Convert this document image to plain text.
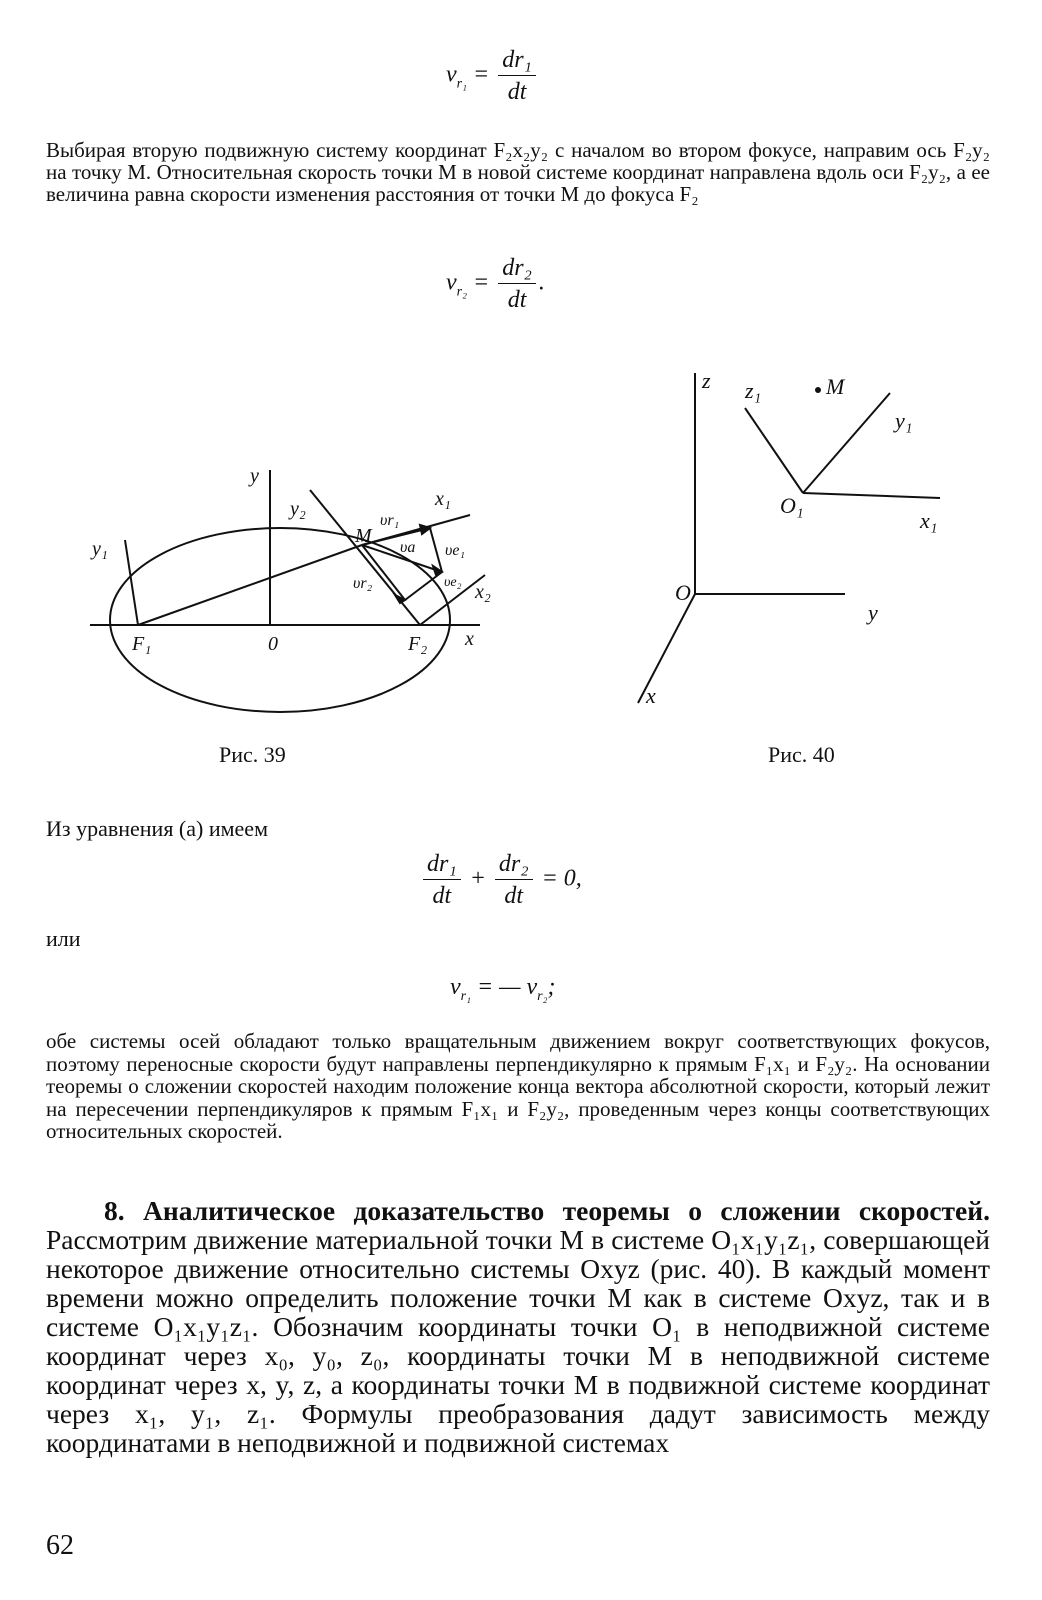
$v_{r_1} = \frac{\text{dr₁}}{dt}$
Выбирая вторую подвижную систему координат F₂x₂y₂ с началом во втором фокусе, направим ось F₂y₂ на точку M. Относительная скорость точки M в новой системе координат направлена вдоль оси F₂y₂, а ее величина равна скорости изменения расстояния от точки M до фокуса F₂
$v_{r_2} = \frac{\text{dr₂}}{dt}$ .
y
y₁
y₂
x
x₁
x₂
M
F₁	F₂
0
υr₁
υa υe₁
υr₂	υe₂
Рис. 39
z z₁	M
y₁
O₁
x₁
O
y
x
Рис. 40
Из уравнения (а) имеем
$\frac{\text{dr₁}}{dt} + \frac{\text{dr₂}}{dt} = 0$,
или
$v_{r_1}$ = — $v_{r_2}$;
обе системы осей обладают только вращательным движением вокруг соответствующих фокусов, поэтому переносные скорости будут направлены перпендикулярно к прямым F₁x₁ и F₂y₂. На основании теоремы о сложении скоростей находим положение конца вектора абсолютной скорости, который лежит на пересечении перпендикуляров к прямым F₁x₁ и F₂y₂, проведенным через концы соответствующих относительных скоростей.
8. Аналитическое доказательство теоремы о сложении скоростей. Рассмотрим движение материальной точки M в системе O₁x₁y₁z₁, совершающей некоторое движение относительно системы Oxyz (рис. 40). В каждый момент времени можно определить положение точки M как в системе Oxyz, так и в системе O₁x₁y₁z₁. Обозначим координаты точки O₁ в неподвижной системе координат через x₀, y₀, z₀, координаты точки M в неподвижной системе координат через x, y, z, а координаты точки M в подвижной системе координат через x₁, y₁, z₁. Формулы преобразования дадут зависимость между координатами в неподвижной и подвижной системах
62
